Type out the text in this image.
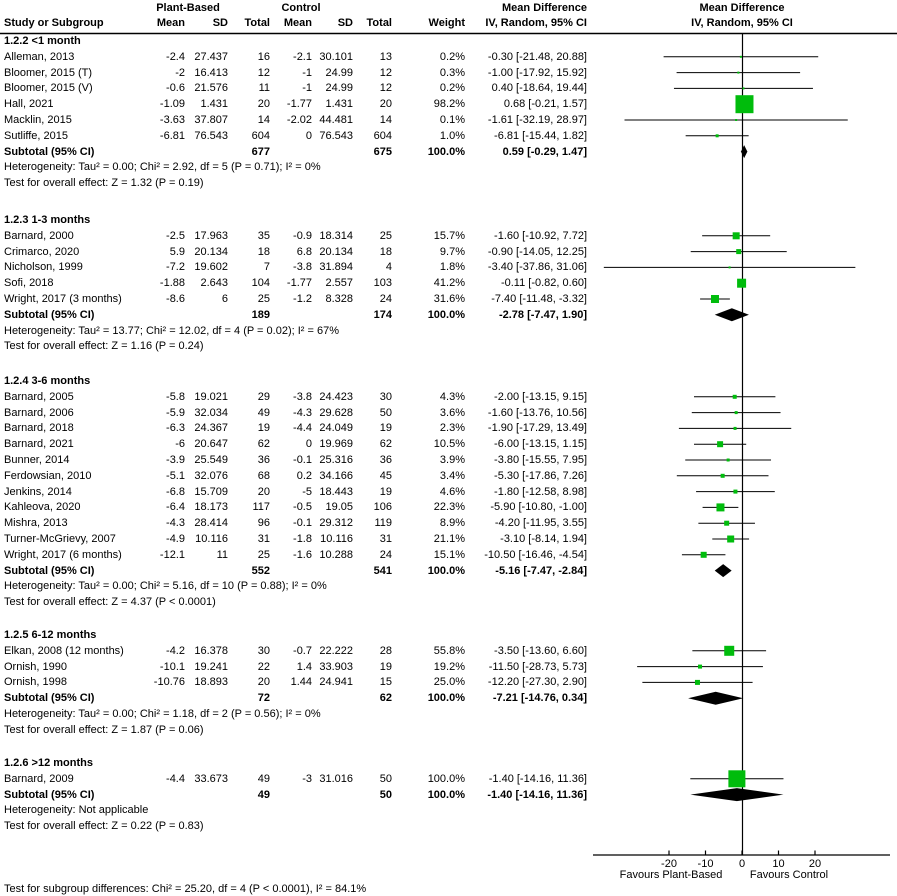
Plant-Based	Control	Mean Difference	Mean Difference
Study or Subgroup	Mean	SD Total Mean SD Total	Weight IV, Random, 95% CI	IV, Random, 95% CI
1.2.2 <1 month
Alleman, 2013	-2.4 27.437	16 -2.1 30.101 13	0.2% -0.30 [-21.48, 20.88]
Bloomer, 2015 (T)	-2 16.413	12	-1 24.99 12	0.3% -1.00 [-17.92, 15.92]
Bloomer, 2015 (V)	-0.6 21.576	11	-1 24.99 12	0.2% 0.40 [-18.64, 19.44]
Hall, 2021	-1.09 1.431	20 -1.77 1.431 20	98.2%	0.68 [-0.21, 1.57]
Macklin, 2015	-3.63 37.807	14 -2.02 44.481 14	0.1% -1.61 [-32.19, 28.97]
Sutliffe, 2015	-6.81 76.543 604	0 76.543 604	1.0%	-6.81 [-15.44, 1.82]
Subtotal (95% CI)	677	675	100.0%	0.59 [-0.29, 1.47]
Heterogeneity: Tau² = 0.00; Chi² = 2.92, df = 5 (P = 0.71); I² = 0%
Test for overall effect: Z = 1.32 (P = 0.19)
1.2.3 1-3 months
Barnard, 2000	-2.5 17.963	35 -0.9 18.314 25	15.7%	-1.60 [-10.92, 7.72]
Crimarco, 2020	5.9 20.134	18 6.8 20.134 18	9.7% -0.90 [-14.05, 12.25]
Nicholson, 1999	-7.2 19.602	7 -3.8 31.894	4	1.8% -3.40 [-37.86, 31.06]
Sofi, 2018	-1.88 2.643 104 -1.77 2.557 103	41.2%	-0.11 [-0.82, 0.60]
Wright, 2017 (3 months)	-8.6	6	25 -1.2 8.328 24	31.6% -7.40 [-11.48, -3.32]
Subtotal (95% CI)	189	174	100.0%	-2.78 [-7.47, 1.90]
Heterogeneity: Tau² = 13.77; Chi² = 12.02, df = 4 (P = 0.02); I² = 67%
Test for overall effect: Z = 1.16 (P = 0.24)
1.2.4 3-6 months
Barnard, 2005	-5.8 19.021	29 -3.8 24.423 30	4.3%	-2.00 [-13.15, 9.15]
Barnard, 2006	-5.9 32.034	49 -4.3 29.628 50	3.6% -1.60 [-13.76, 10.56]
Barnard, 2018	-6.3 24.367	19 -4.4 24.049 19	2.3% -1.90 [-17.29, 13.49]
Barnard, 2021	-6 20.647	62	0 19.969 62	10.5%	-6.00 [-13.15, 1.15]
Bunner, 2014	-3.9 25.549	36 -0.1 25.316 36	3.9%	-3.80 [-15.55, 7.95]
Ferdowsian, 2010	-5.1 32.076	68 0.2 34.166 45	3.4%	-5.30 [-17.86, 7.26]
Jenkins, 2014	-6.8 15.709	20	-5 18.443 19	4.6%	-1.80 [-12.58, 8.98]
Kahleova, 2020	-6.4 18.173 117 -0.5 19.05 106	22.3% -5.90 [-10.80, -1.00]
Mishra, 2013	-4.3 28.414	96 -0.1 29.312 119	8.9%	-4.20 [-11.95, 3.55]
Turner-McGrievy, 2007	-4.9 10.116	31 -1.8 10.116 31	21.1%	-3.10 [-8.14, 1.94]
Wright, 2017 (6 months)	-12.1	11	25 -1.6 10.288 24	15.1% -10.50 [-16.46, -4.54]
Subtotal (95% CI)	552	541	100.0%	-5.16 [-7.47, -2.84]
Heterogeneity: Tau² = 0.00; Chi² = 5.16, df = 10 (P = 0.88); I² = 0%
Test for overall effect: Z = 4.37 (P < 0.0001)
1.2.5 6-12 months
Elkan, 2008 (12 months)	-4.2 16.378	30 -0.7 22.222 28	55.8%	-3.50 [-13.60, 6.60]
Ornish, 1990	-10.1 19.241	22 1.4 33.903 19	19.2% -11.50 [-28.73, 5.73]
Ornish, 1998	-10.76 18.893	20 1.44 24.941 15	25.0% -12.20 [-27.30, 2.90]
Subtotal (95% CI)	72	62	100.0%	-7.21 [-14.76, 0.34]
Heterogeneity: Tau² = 0.00; Chi² = 1.18, df = 2 (P = 0.56); I² = 0%
Test for overall effect: Z = 1.87 (P = 0.06)
1.2.6 >12 months
Barnard, 2009	-4.4 33.673	49	-3 31.016 50	100.0% -1.40 [-14.16, 11.36]
Subtotal (95% CI)	49	50	100.0% -1.40 [-14.16, 11.36]
Heterogeneity: Not applicable
Test for overall effect: Z = 0.22 (P = 0.83)
-20 -10 0 10 20
Favours Plant-Based	Favours Control
Test for subgroup differences: Chi² = 25.20, df = 4 (P < 0.0001), I² = 84.1%
